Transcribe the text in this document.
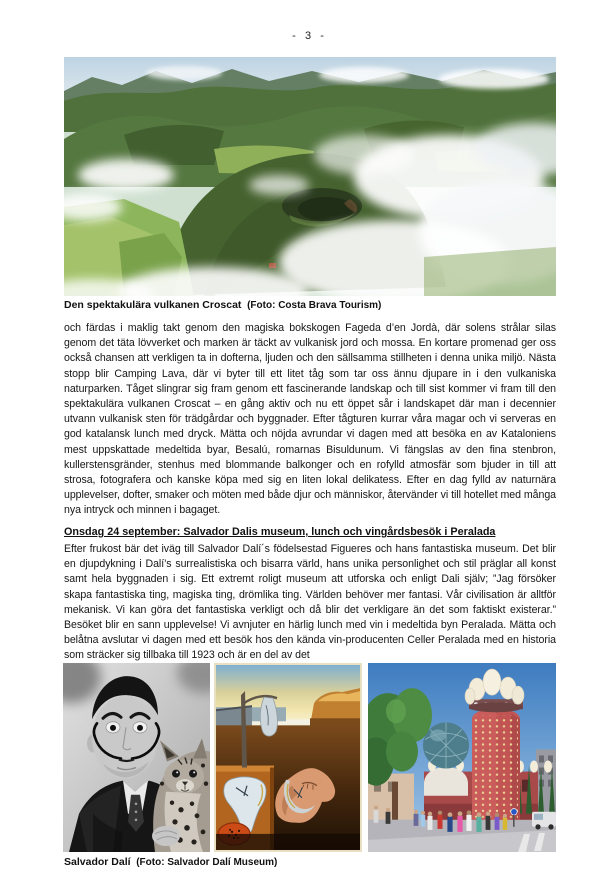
-   3   -
Den spektakulära vulkanen Croscat  (Foto: Costa Brava Tourism)
och färdas i maklig takt genom den magiska bokskogen Fageda d’en Jordà, där solens strålar silas genom det täta lövverket och marken är täckt av vulkanisk jord och mossa. En kortare promenad ger oss också chansen att verkligen ta in dofterna, ljuden och den sällsamma stillheten i denna unika miljö. Nästa stopp blir Camping Lava, där vi byter till ett litet tåg som tar oss ännu djupare in i den vulkaniska naturparken. Tåget slingrar sig fram genom ett fascinerande landskap och till sist kommer vi fram till den spektakulära vulkanen Croscat – en gång aktiv och nu ett öppet sår i landskapet där man i decennier utvann vulkanisk sten för trädgårdar och byggnader. Efter tågturen kurrar våra magar och vi serveras en god katalansk lunch med dryck. Mätta och nöjda avrundar vi dagen med att besöka en av Kataloniens mest uppskattade medeltida byar, Besalú, romarnas Bisuldunum. Vi fängslas av den fina stenbron, kullerstensgränder, stenhus med blommande balkonger och en rofylld atmosfär som bjuder in till att strosa, fotografera och kanske köpa med sig en liten lokal delikatess. Efter en dag fylld av naturnära upplevelser, dofter, smaker och möten med både djur och människor, återvänder vi till hotellet med många nya intryck och minnen i bagaget.
Onsdag 24 september: Salvador Dalis museum, lunch och vingårdsbesök i Peralada
Efter frukost bär det iväg till Salvador Dalí´s födelsestad Figueres och hans fantastiska museum. Det blir en djupdykning i Dalí’s surrealistiska och bisarra värld, hans unika personlighet och stil präglar all konst samt hela byggnaden i sig. Ett extremt roligt museum att utforska och enligt Dali själv; ”Jag försöker skapa fantastiska ting, magiska ting, drömlika ting. Världen behöver mer fantasi. Vår civilisation är alltför mekanisk. Vi kan göra det fantastiska verkligt och då blir det verkligare än det som faktiskt existerar.” Besöket blir en sann upplevelse! Vi avnjuter en härlig lunch med vin i medeltida byn Peralada. Mätta och belåtna avslutar vi dagen med ett besök hos den kända vin-producenten Celler Peralada med en historia som sträcker sig tillbaka till 1923 och är en del av det
Salvador Dalí  (Foto: Salvador Dalí Museum)
